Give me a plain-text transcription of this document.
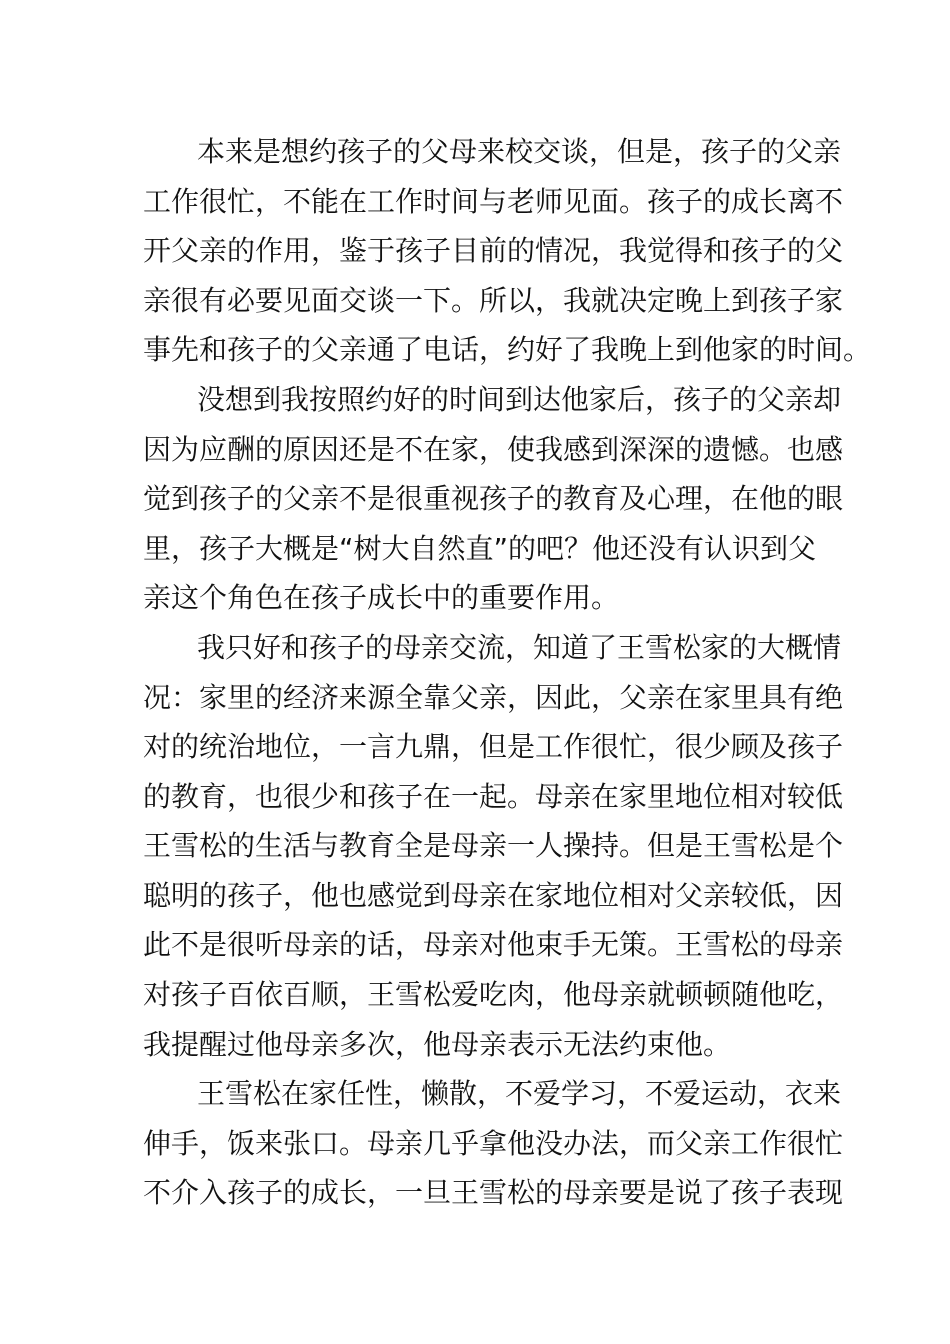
本来是想约孩子的父母来校交谈，但是，孩子的父亲
工作很忙，不能在工作时间与老师见面。孩子的成长离不
开父亲的作用，鉴于孩子目前的情况，我觉得和孩子的父
亲很有必要见面交谈一下。所以，我就决定晚上到孩子家
事先和孩子的父亲通了电话，约好了我晚上到他家的时间。
没想到我按照约好的时间到达他家后，孩子的父亲却
因为应酬的原因还是不在家，使我感到深深的遗憾。也感
觉到孩子的父亲不是很重视孩子的教育及心理，在他的眼
里，孩子大概是“树大自然直”的吧？他还没有认识到父
亲这个角色在孩子成长中的重要作用。
我只好和孩子的母亲交流，知道了王雪松家的大概情
况：家里的经济来源全靠父亲，因此，父亲在家里具有绝
对的统治地位，一言九鼎，但是工作很忙，很少顾及孩子
的教育，也很少和孩子在一起。母亲在家里地位相对较低
王雪松的生活与教育全是母亲一人操持。但是王雪松是个
聪明的孩子，他也感觉到母亲在家地位相对父亲较低，因
此不是很听母亲的话，母亲对他束手无策。王雪松的母亲
对孩子百依百顺，王雪松爱吃肉，他母亲就顿顿随他吃，
我提醒过他母亲多次，他母亲表示无法约束他。
王雪松在家任性，懒散，不爱学习，不爱运动，衣来
伸手，饭来张口。母亲几乎拿他没办法，而父亲工作很忙
不介入孩子的成长，一旦王雪松的母亲要是说了孩子表现
